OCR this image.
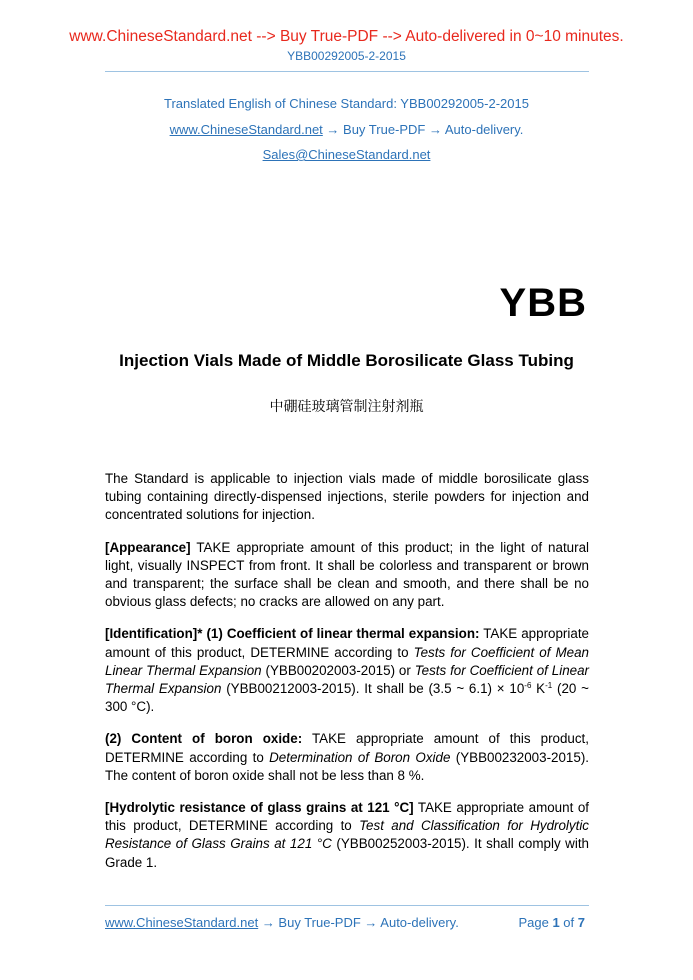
www.ChineseStandard.net --> Buy True-PDF --> Auto-delivered in 0~10 minutes.
YBB00292005-2-2015
Translated English of Chinese Standard: YBB00292005-2-2015
www.ChineseStandard.net → Buy True-PDF → Auto-delivery.
Sales@ChineseStandard.net
YBB
Injection Vials Made of Middle Borosilicate Glass Tubing
中硼硅玻璃管制注射剂瓶

The Standard is applicable to injection vials made of middle borosilicate glass tubing containing directly-dispensed injections, sterile powders for injection and concentrated solutions for injection.

[Appearance] TAKE appropriate amount of this product; in the light of natural light, visually INSPECT from front. It shall be colorless and transparent or brown and transparent; the surface shall be clean and smooth, and there shall be no obvious glass defects; no cracks are allowed on any part.

[Identification]* (1) Coefficient of linear thermal expansion: TAKE appropriate amount of this product, DETERMINE according to Tests for Coefficient of Mean Linear Thermal Expansion (YBB00202003-2015) or Tests for Coefficient of Linear Thermal Expansion (YBB00212003-2015). It shall be (3.5 ~ $6.1) \times 10^{-6}$ $K^{-1}$ (20 ~ 300 °C).

(2) Content of boron oxide: TAKE appropriate amount of this product, DETERMINE according to Determination of Boron Oxide (YBB00232003-2015). The content of boron oxide shall not be less than 8 %.

[Hydrolytic resistance of glass grains at 121 °C] TAKE appropriate amount of this product, DETERMINE according to Test and Classification for Hydrolytic Resistance of Glass Grains at 121 °C (YBB00252003-2015). It shall comply with Grade 1.

www.ChineseStandard.net → Buy True-PDF → Auto-delivery.	Page 1 of 7
